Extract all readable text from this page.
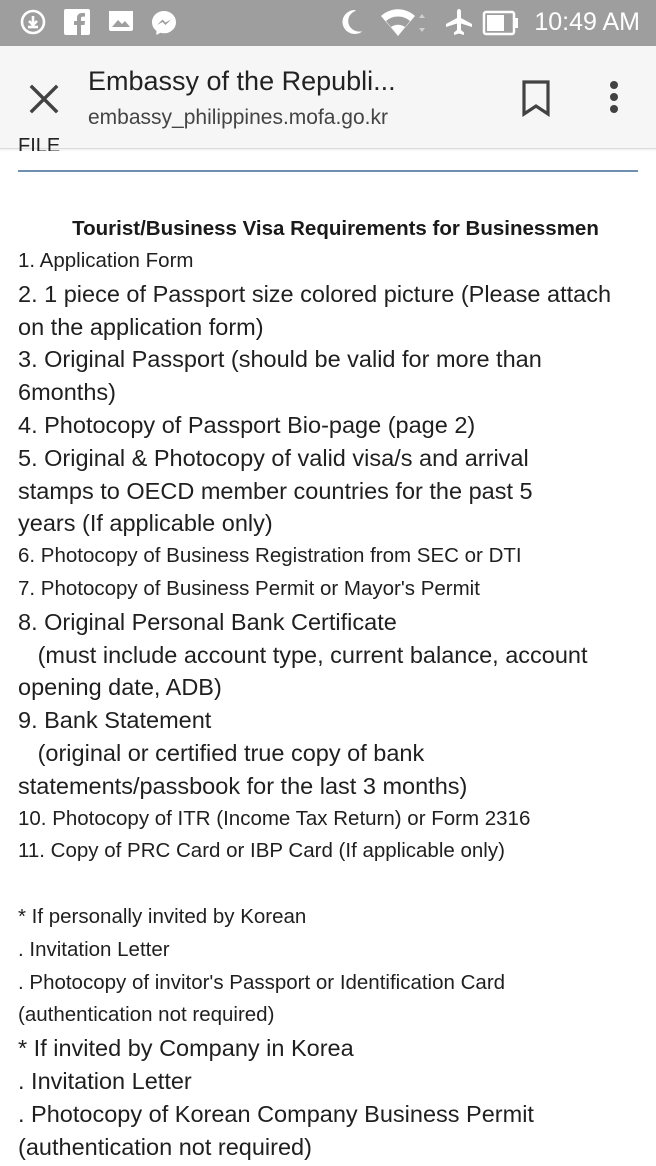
10:49 AM
Embassy of the Republi...
embassy_philippines.mofa.go.kr
FILE
Tourist/Business Visa Requirements for Businessmen
1. Application Form
2. 1 piece of Passport size colored picture (Please attach
on the application form)
3. Original Passport (should be valid for more than
6months)
4. Photocopy of Passport Bio-page (page 2)
5. Original & Photocopy of valid visa/s and arrival
stamps to OECD member countries for the past 5
years (If applicable only)
6. Photocopy of Business Registration from SEC or DTI
7. Photocopy of Business Permit or Mayor's Permit
8. Original Personal Bank Certificate
(must include account type, current balance, account
opening date, ADB)
9. Bank Statement
(original or certified true copy of bank
statements/passbook for the last 3 months)
10. Photocopy of ITR (Income Tax Return) or Form 2316
11. Copy of PRC Card or IBP Card (If applicable only)
* If personally invited by Korean
. Invitation Letter
. Photocopy of invitor's Passport or Identification Card
(authentication not required)
* If invited by Company in Korea
. Invitation Letter
. Photocopy of Korean Company Business Permit
(authentication not required)
